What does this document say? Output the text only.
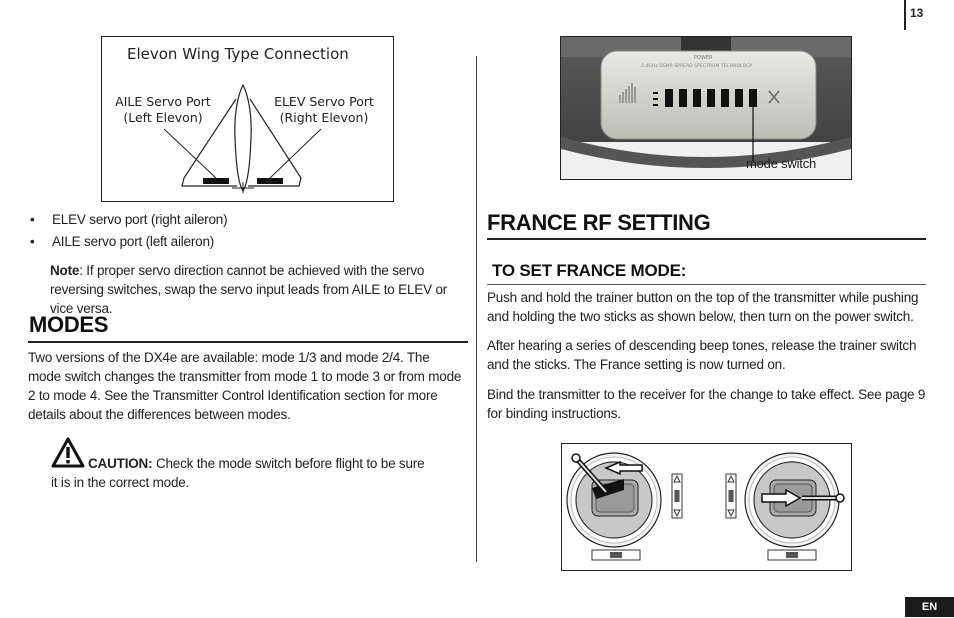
13
Elevon Wing Type Connection
AILE Servo Port
(Left Elevon)
ELEV Servo Port
(Right Elevon)
• ELEV servo port (right aileron)
• AILE servo port (left aileron)
Note: If proper servo direction cannot be achieved with the servo reversing switches, swap the servo input leads from AILE to ELEV or vice versa.
MODES
Two versions of the DX4e are available: mode 1/3 and mode 2/4. The mode switch changes the transmitter from mode 1 to mode 3 or from mode 2 to mode 4. See the Transmitter Control Identification section for more details about the differences between modes.
CAUTION: Check the mode switch before flight to be sure it is in the correct mode.
POWER
2.4GHz DSMR SPREAD SPECTRUM TECHNOLOGY
mode switch
FRANCE RF SETTING
TO SET FRANCE MODE:
Push and hold the trainer button on the top of the transmitter while pushing and holding the two sticks as shown below, then turn on the power switch.
After hearing a series of descending beep tones, release the trainer switch and the sticks. The France setting is now turned on.
Bind the transmitter to the receiver for the change to take effect. See page 9 for binding instructions.
EN
